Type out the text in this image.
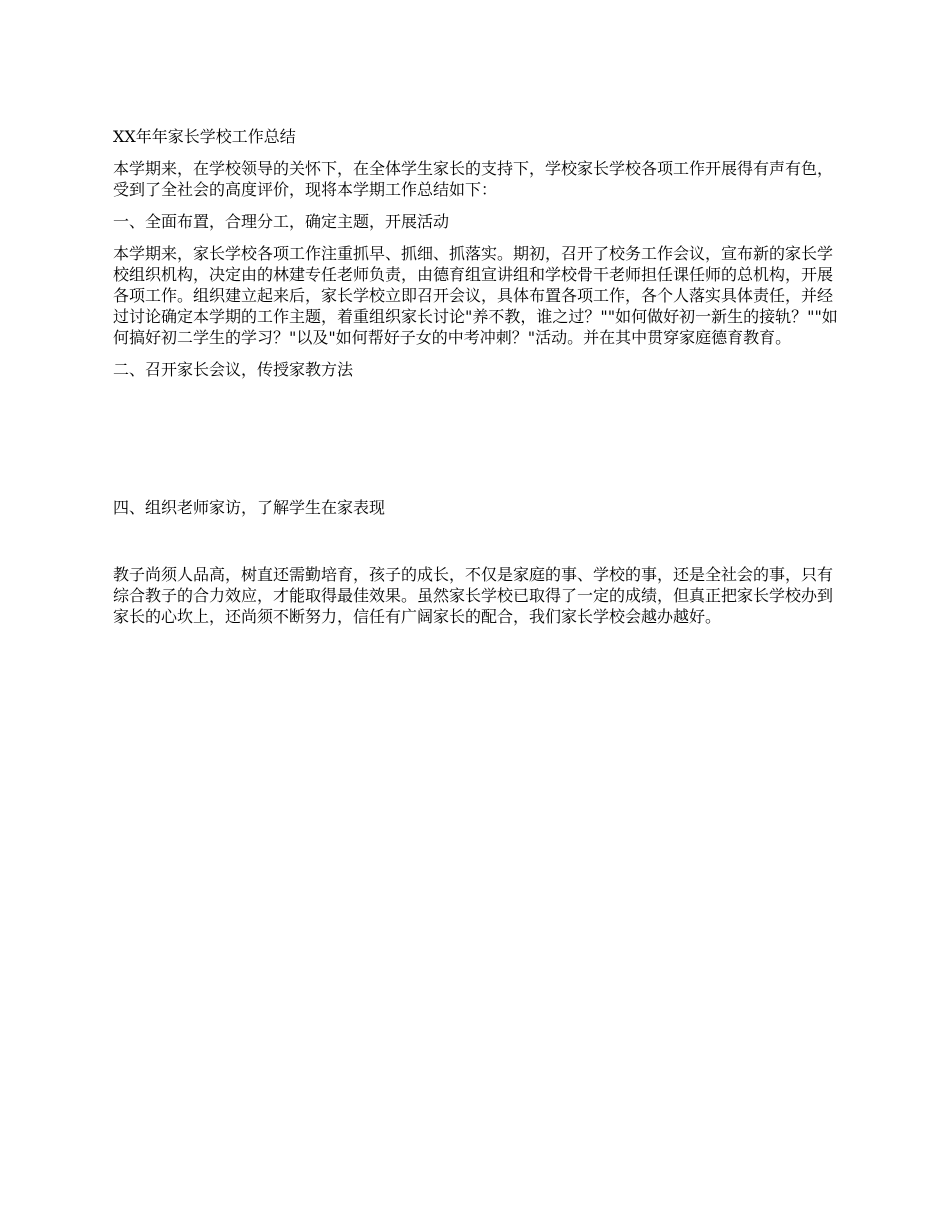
XX年年家长学校工作总结

本学期来，在学校领导的关怀下，在全体学生家长的支持下，学校家长学校各项工作开展得有声有色，受到了全社会的高度评价，现将本学期工作总结如下：

一、全面布置，合理分工，确定主题，开展活动

本学期来，家长学校各项工作注重抓早、抓细、抓落实。期初，召开了校务工作会议，宣布新的家长学校组织机构，决定由的林建专任老师负责，由德育组宣讲组和学校骨干老师担任课任师的总机构，开展各项工作。组织建立起来后，家长学校立即召开会议，具体布置各项工作，各个人落实具体责任，并经过讨论确定本学期的工作主题，着重组织家长讨论"养不教，谁之过？""如何做好初一新生的接轨？""如何搞好初二学生的学习？"以及"如何帮好子女的中考冲刺？"活动。并在其中贯穿家庭德育教育。

二、召开家长会议，传授家教方法

四、组织老师家访，了解学生在家表现

教子尚须人品高，树直还需勤培育，孩子的成长，不仅是家庭的事、学校的事，还是全社会的事，只有综合教子的合力效应，才能取得最佳效果。虽然家长学校已取得了一定的成绩，但真正把家长学校办到家长的心坎上，还尚须不断努力，信任有广阔家长的配合，我们家长学校会越办越好。
